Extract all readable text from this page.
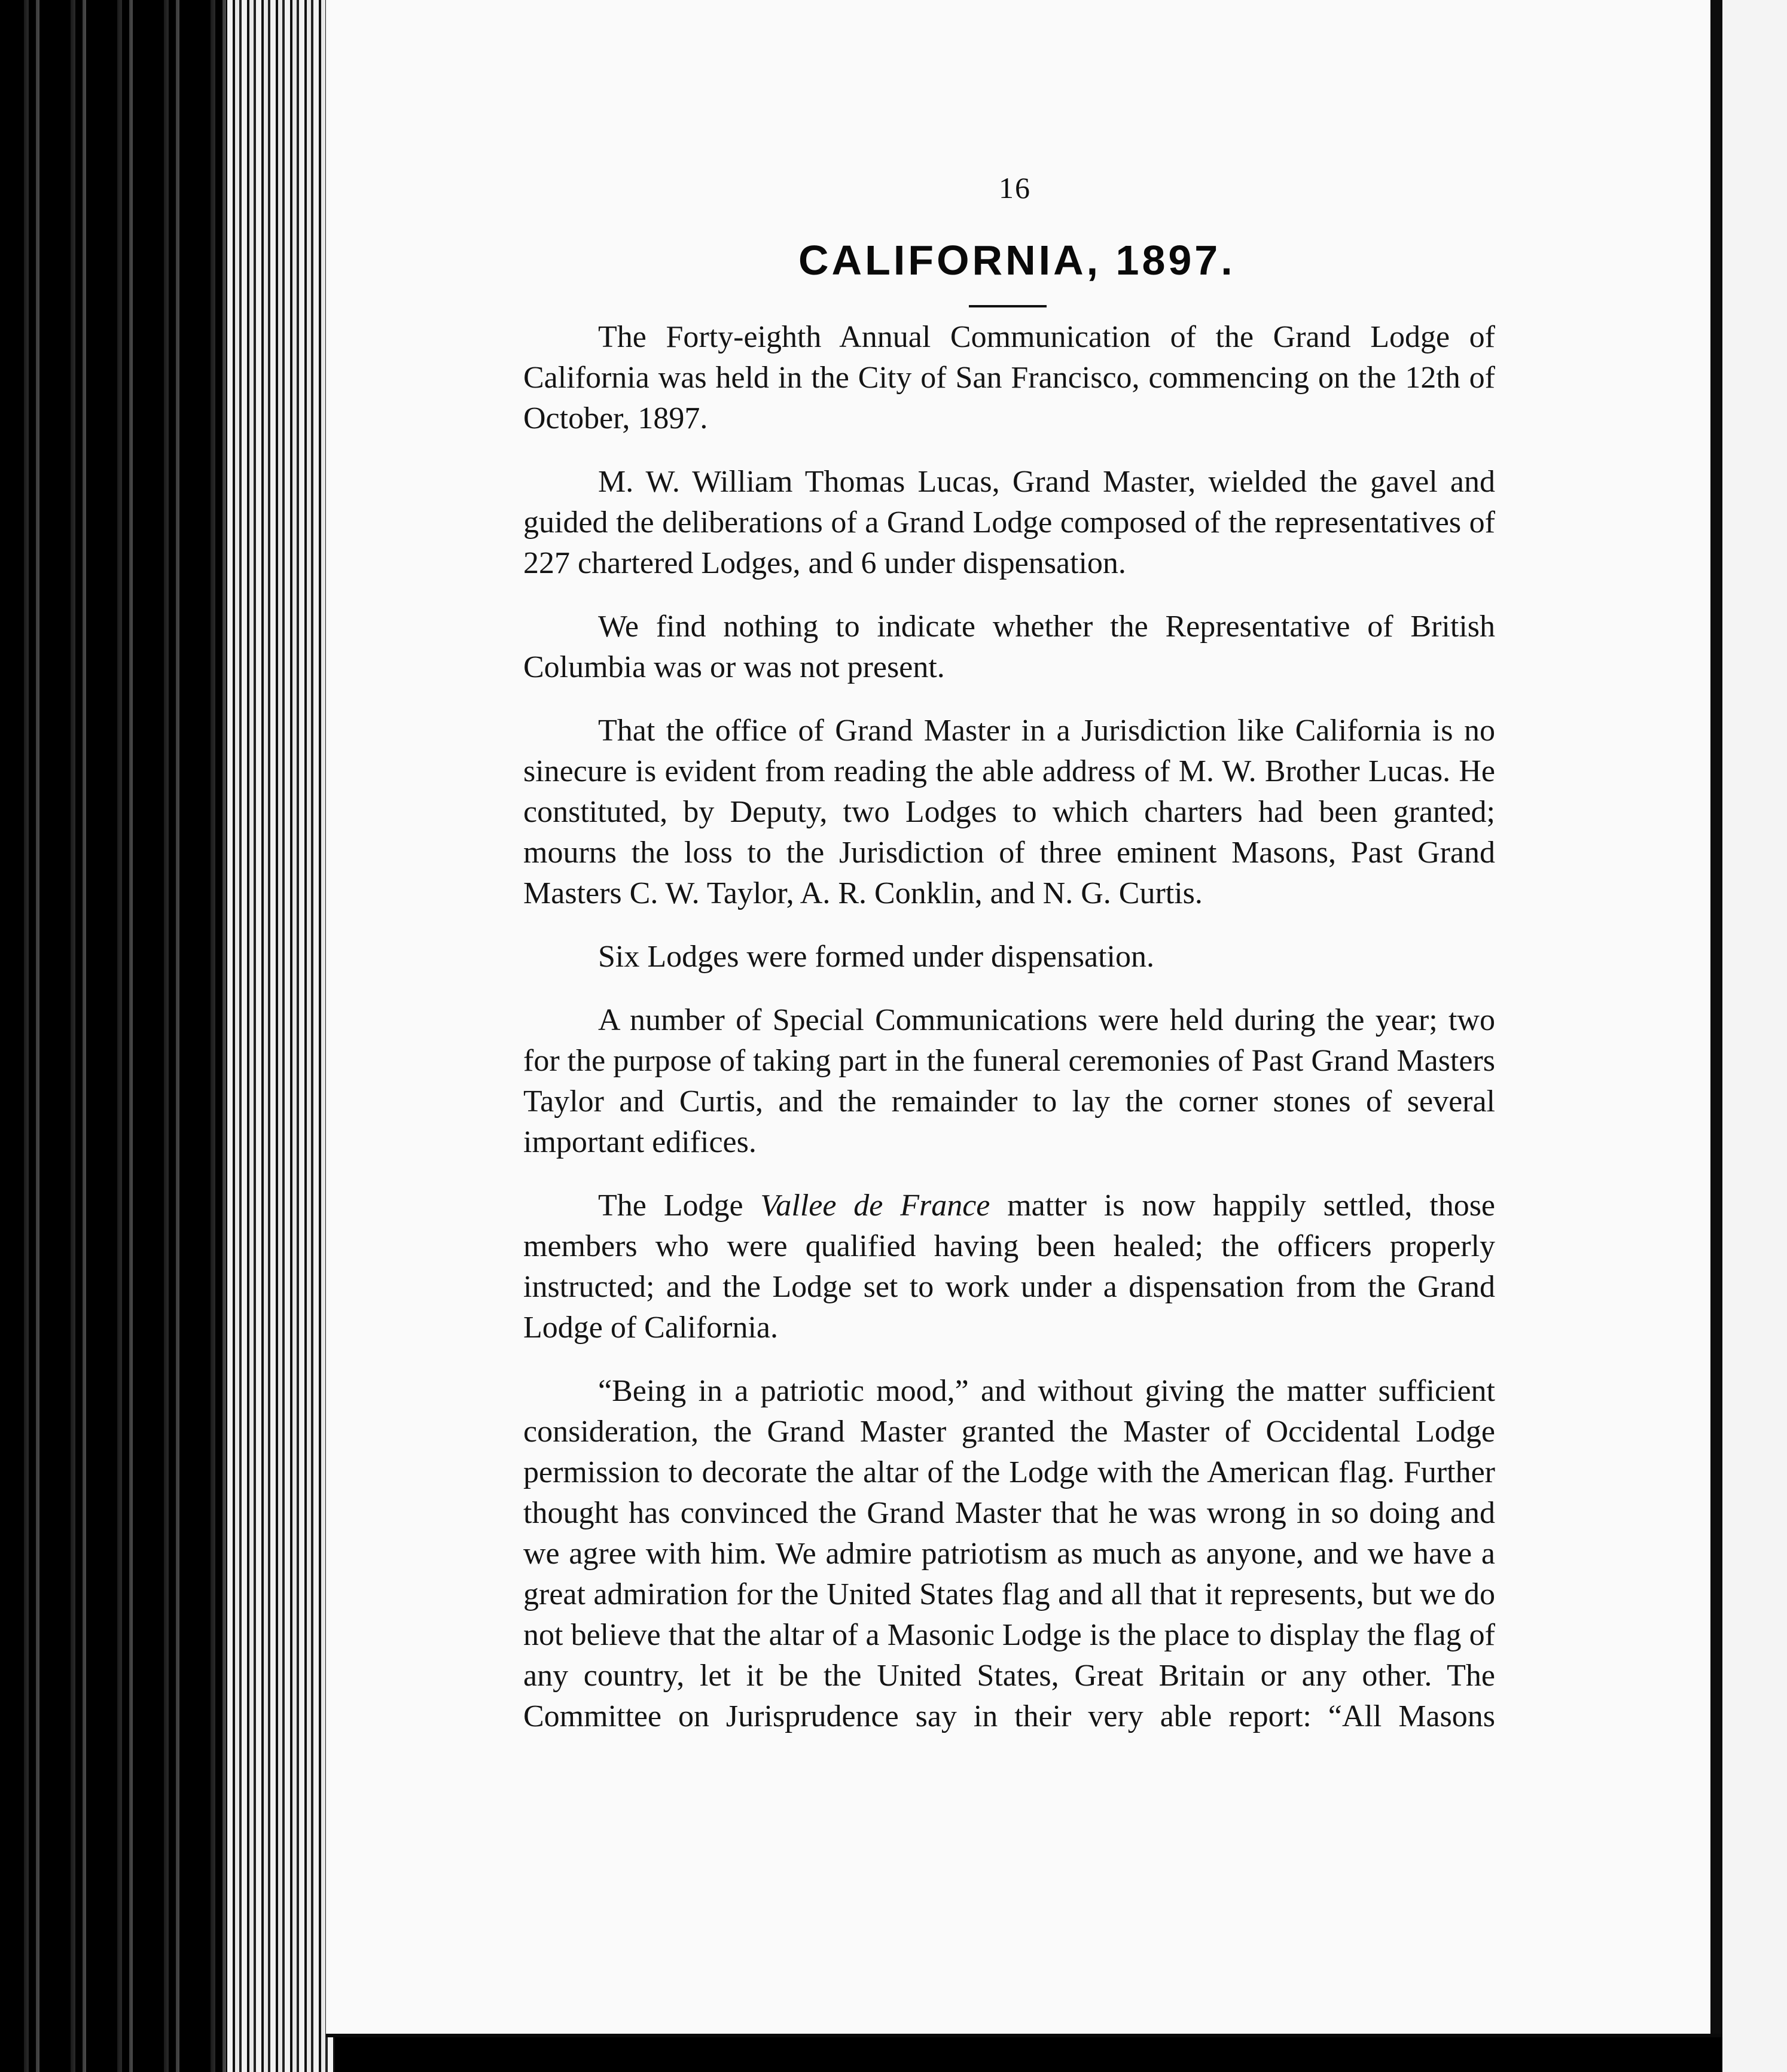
16
CALIFORNIA, 1897.

The Forty-eighth Annual Communication of the Grand Lodge of California was held in the City of San Francisco, commencing on the 12th of October, 1897.

M. W. William Thomas Lucas, Grand Master, wielded the gavel and guided the deliberations of a Grand Lodge composed of the representatives of 227 chartered Lodges, and 6 under dispensation.

We find nothing to indicate whether the Representative of British Columbia was or was not present.

That the office of Grand Master in a Jurisdiction like California is no sinecure is evident from reading the able address of M. W. Brother Lucas. He constituted, by Deputy, two Lodges to which charters had been granted; mourns the loss to the Jurisdiction of three eminent Masons, Past Grand Masters C. W. Taylor, A. R. Conklin, and N. G. Curtis.

Six Lodges were formed under dispensation.

A number of Special Communications were held during the year; two for the purpose of taking part in the funeral ceremonies of Past Grand Masters Taylor and Curtis, and the remainder to lay the corner stones of several important edifices.

The Lodge Vallee de France matter is now happily settled, those members who were qualified having been healed; the officers properly instructed; and the Lodge set to work under a dispensation from the Grand Lodge of California.

“Being in a patriotic mood,” and without giving the matter sufficient consideration, the Grand Master granted the Master of Occidental Lodge permission to decorate the altar of the Lodge with the American flag. Further thought has convinced the Grand Master that he was wrong in so doing and we agree with him. We admire patriotism as much as anyone, and we have a great admiration for the United States flag and all that it represents, but we do not believe that the altar of a Masonic Lodge is the place to display the flag of any country, let it be the United States, Great Britain or any other. The Committee on Jurisprudence say in their very able report: “All Masons
